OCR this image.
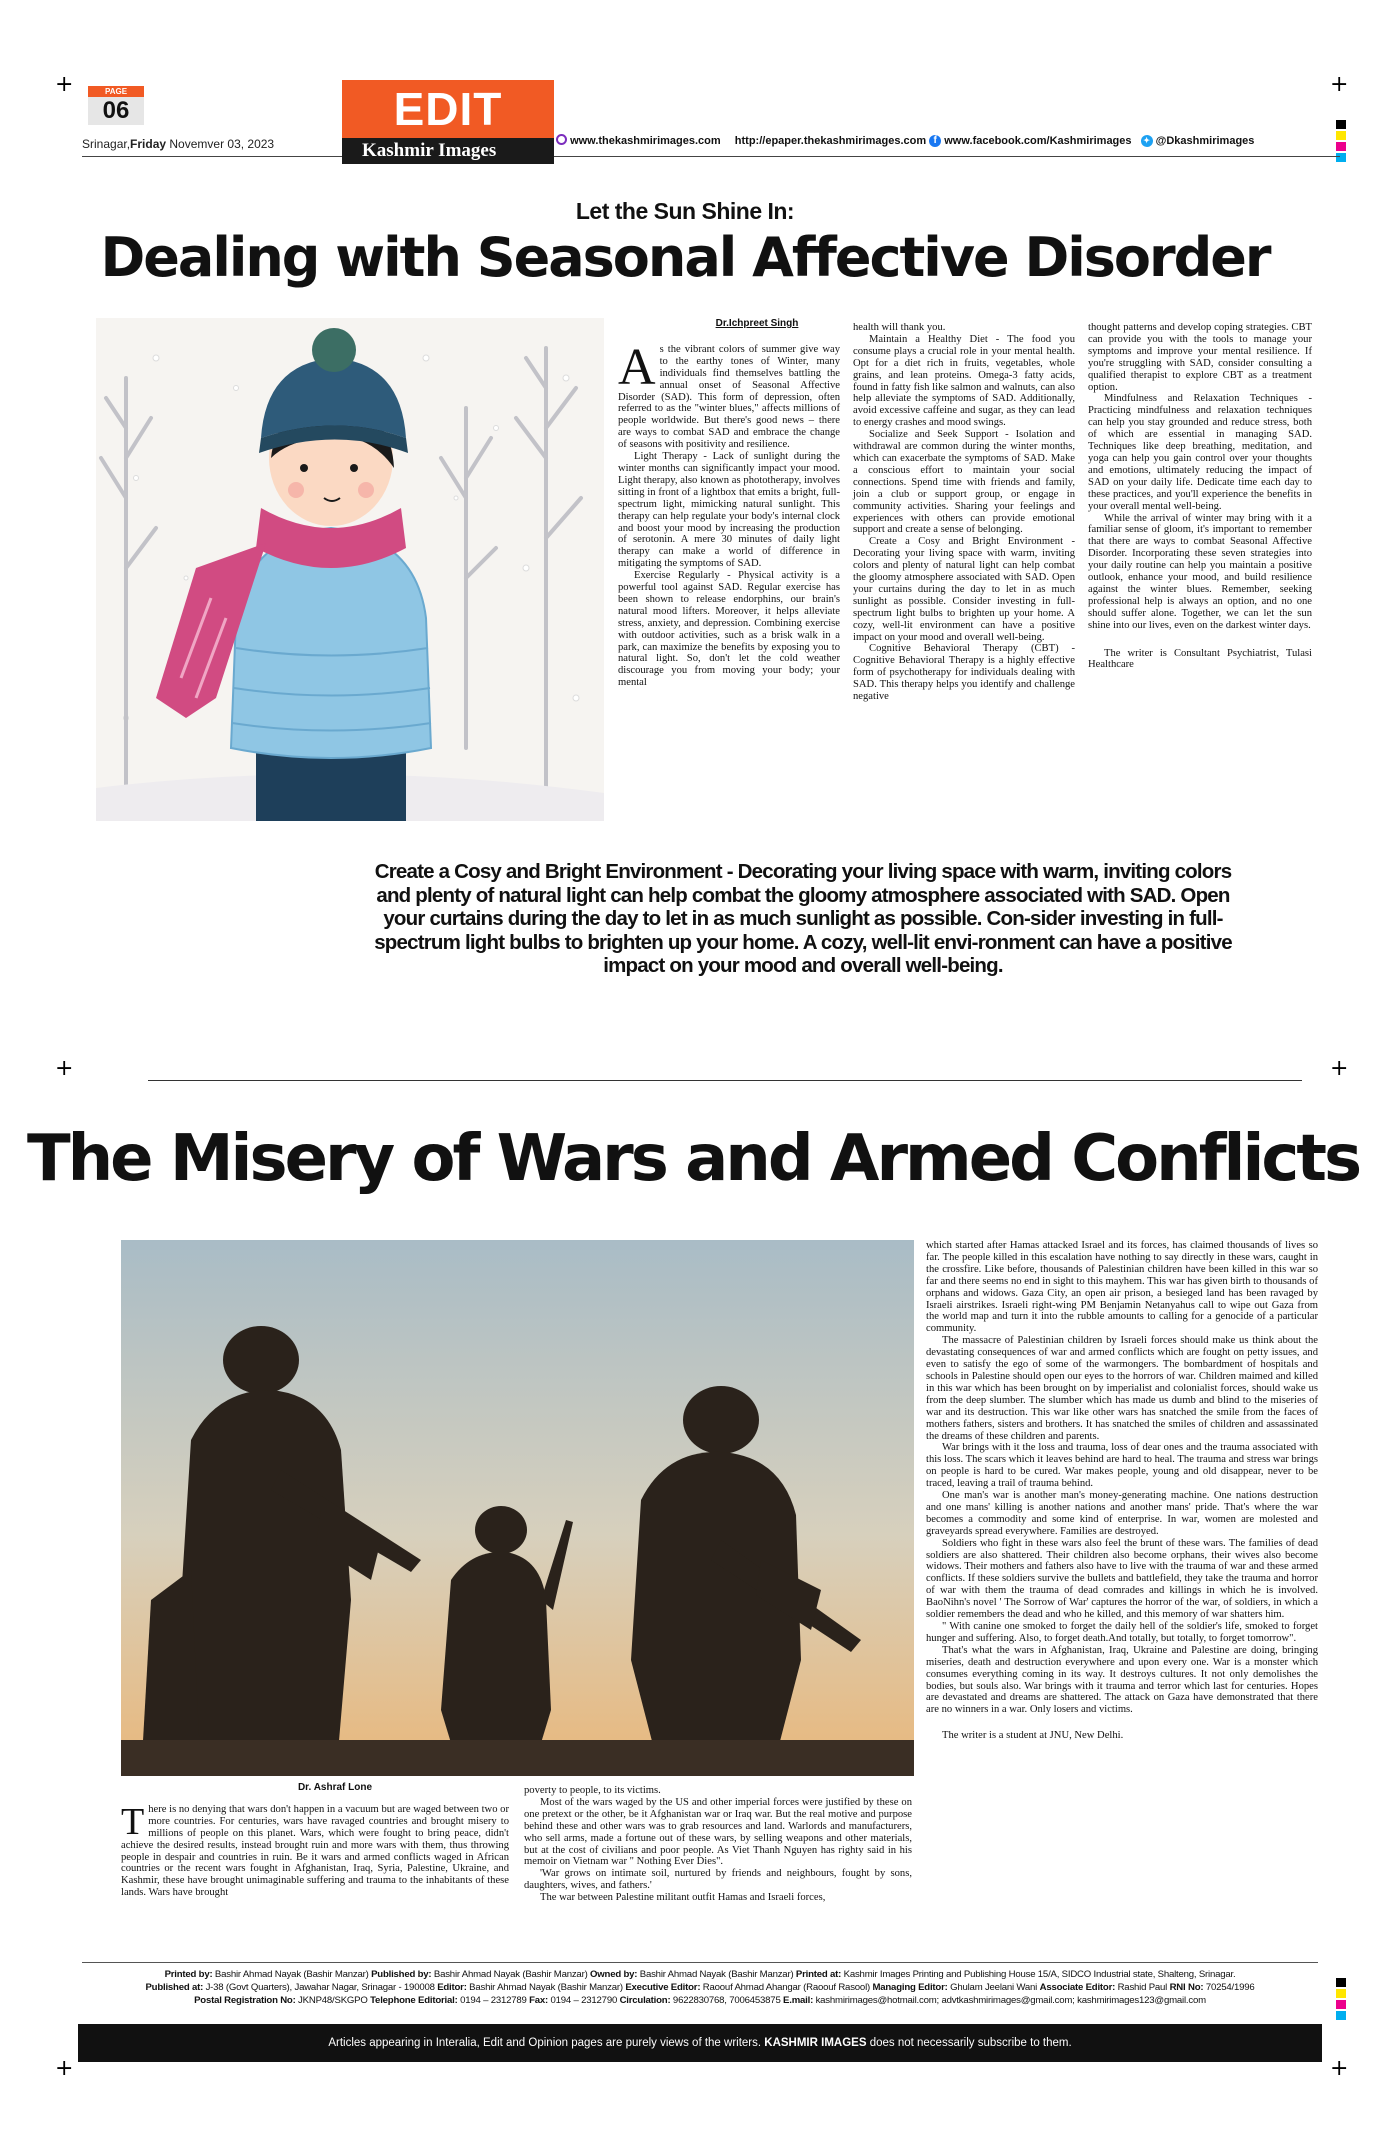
+	+
+	+
+	+
PAGE
06
Srinagar,Friday Novemver 03, 2023
EDIT
Kashmir Images	www.thekashmirimages.com http://epaper.thekashmirimages.com f www.facebook.com/Kashmirimages ✦ @Dkashmirimages
Let the Sun Shine In:
Dealing with Seasonal Affective Disorder
Dr.Ichpreet Singh
A s the vibrant colors of summer give way to the earthy tones of Winter, many individuals find themselves battling the annual onset of Seasonal Affective Disorder (SAD). This form of depression, often referred to as the "winter blues," affects millions of people worldwide. But there's good news – there are ways to combat SAD and embrace the change of seasons with positivity and resilience.

Light Therapy - Lack of sunlight during the winter months can significantly impact your mood. Light therapy, also known as phototherapy, involves sitting in front of a lightbox that emits a bright, full-spectrum light, mimicking natural sunlight. This therapy can help regulate your body's internal clock and boost your mood by increasing the production of serotonin. A mere 30 minutes of daily light therapy can make a world of difference in mitigating the symptoms of SAD.

Exercise Regularly - Physical activity is a powerful tool against SAD. Regular exercise has been shown to release endorphins, our brain's natural mood lifters. Moreover, it helps alleviate stress, anxiety, and depression. Combining exercise with outdoor activities, such as a brisk walk in a park, can maximize the benefits by exposing you to natural light. So, don't let the cold weather discourage you from moving your body; your mental

health will thank you.

Maintain a Healthy Diet - The food you consume plays a crucial role in your mental health. Opt for a diet rich in fruits, vegetables, whole grains, and lean proteins. Omega-3 fatty acids, found in fatty fish like salmon and walnuts, can also help alleviate the symptoms of SAD. Additionally, avoid excessive caffeine and sugar, as they can lead to energy crashes and mood swings.

Socialize and Seek Support - Isolation and withdrawal are common during the winter months, which can exacerbate the symptoms of SAD. Make a conscious effort to maintain your social connections. Spend time with friends and family, join a club or support group, or engage in community activities. Sharing your feelings and experiences with others can provide emotional support and create a sense of belonging.

Create a Cosy and Bright Environment - Decorating your living space with warm, inviting colors and plenty of natural light can help combat the gloomy atmosphere associated with SAD. Open your curtains during the day to let in as much sunlight as possible. Consider investing in full-spectrum light bulbs to brighten up your home. A cozy, well-lit environment can have a positive impact on your mood and overall well-being.

Cognitive Behavioral Therapy (CBT) - Cognitive Behavioral Therapy is a highly effective form of psychotherapy for individuals dealing with SAD. This therapy helps you identify and challenge negative

thought patterns and develop coping strategies. CBT can provide you with the tools to manage your symptoms and improve your mental resilience. If you're struggling with SAD, consider consulting a qualified therapist to explore CBT as a treatment option.

Mindfulness and Relaxation Techniques - Practicing mindfulness and relaxation techniques can help you stay grounded and reduce stress, both of which are essential in managing SAD. Techniques like deep breathing, meditation, and yoga can help you gain control over your thoughts and emotions, ultimately reducing the impact of SAD on your daily life. Dedicate time each day to these practices, and you'll experience the benefits in your overall mental well-being.

While the arrival of winter may bring with it a familiar sense of gloom, it's important to remember that there are ways to combat Seasonal Affective Disorder. Incorporating these seven strategies into your daily routine can help you maintain a positive outlook, enhance your mood, and build resilience against the winter blues. Remember, seeking professional help is always an option, and no one should suffer alone. Together, we can let the sun shine into our lives, even on the darkest winter days.

The writer is Consultant Psychiatrist, Tulasi Healthcare

Create a Cosy and Bright Environment - Decorating your living space with warm, inviting colors and plenty of natural light can help combat the gloomy atmosphere associated with SAD. Open your curtains during the day to let in as much sunlight as possible. Con-sider investing in full-spectrum light bulbs to brighten up your home. A cozy, well-lit envi-ronment can have a positive impact on your mood and overall well-being.
The Misery of Wars and Armed Conflicts
Dr. Ashraf Lone
T here is no denying that wars don't happen in a vacuum but are waged between two or more countries. For centuries, wars have ravaged countries and brought misery to millions of people on this planet. Wars, which were fought to bring peace, didn't achieve the desired results, instead brought ruin and more wars with them, thus throwing people in despair and countries in ruin. Be it wars and armed conflicts waged in African countries or the recent wars fought in Afghanistan, Iraq, Syria, Palestine, Ukraine, and Kashmir, these have brought unimaginable suffering and trauma to the inhabitants of these lands. Wars have brought

poverty to people, to its victims.

Most of the wars waged by the US and other imperial forces were justified by these on one pretext or the other, be it Afghanistan war or Iraq war. But the real motive and purpose behind these and other wars was to grab resources and land. Warlords and manufacturers, who sell arms, made a fortune out of these wars, by selling weapons and other materials, but at the cost of civilians and poor people. As Viet Thanh Nguyen has righty said in his memoir on Vietnam war " Nothing Ever Dies".

'War grows on intimate soil, nurtured by friends and neighbours, fought by sons, daughters, wives, and fathers.'

The war between Palestine militant outfit Hamas and Israeli forces,

which started after Hamas attacked Israel and its forces, has claimed thousands of lives so far. The people killed in this escalation have nothing to say directly in these wars, caught in the crossfire. Like before, thousands of Palestinian children have been killed in this war so far and there seems no end in sight to this mayhem. This war has given birth to thousands of orphans and widows. Gaza City, an open air prison, a besieged land has been ravaged by Israeli airstrikes. Israeli right-wing PM Benjamin Netanyahus call to wipe out Gaza from the world map and turn it into the rubble amounts to calling for a genocide of a particular community.

The massacre of Palestinian children by Israeli forces should make us think about the devastating consequences of war and armed conflicts which are fought on petty issues, and even to satisfy the ego of some of the warmongers. The bombardment of hospitals and schools in Palestine should open our eyes to the horrors of war. Children maimed and killed in this war which has been brought on by imperialist and colonialist forces, should wake us from the deep slumber. The slumber which has made us dumb and blind to the miseries of war and its destruction. This war like other wars has snatched the smile from the faces of mothers fathers, sisters and brothers. It has snatched the smiles of children and assassinated the dreams of these children and parents.

War brings with it the loss and trauma, loss of dear ones and the trauma associated with this loss. The scars which it leaves behind are hard to heal. The trauma and stress war brings on people is hard to be cured. War makes people, young and old disappear, never to be traced, leaving a trail of trauma behind.

One man's war is another man's money-generating machine. One nations destruction and one mans' killing is another nations and another mans' pride. That's where the war becomes a commodity and some kind of enterprise. In war, women are molested and graveyards spread everywhere. Families are destroyed.

Soldiers who fight in these wars also feel the brunt of these wars. The families of dead soldiers are also shattered. Their children also become orphans, their wives also become widows. Their mothers and fathers also have to live with the trauma of war and these armed conflicts. If these soldiers survive the bullets and battlefield, they take the trauma and horror of war with them the trauma of dead comrades and killings in which he is involved. BaoNihn's novel ' The Sorrow of War' captures the horror of the war, of soldiers, in which a soldier remembers the dead and who he killed, and this memory of war shatters him.

" With canine one smoked to forget the daily hell of the soldier's life, smoked to forget hunger and suffering. Also, to forget death.And totally, but totally, to forget tomorrow".

That's what the wars in Afghanistan, Iraq, Ukraine and Palestine are doing, bringing miseries, death and destruction everywhere and upon every one. War is a monster which consumes everything coming in its way. It destroys cultures. It not only demolishes the bodies, but souls also. War brings with it trauma and terror which last for centuries. Hopes are devastated and dreams are shattered. The attack on Gaza have demonstrated that there are no winners in a war. Only losers and victims.

The writer is a student at JNU, New Delhi.

Printed by: Bashir Ahmad Nayak (Bashir Manzar) Published by: Bashir Ahmad Nayak (Bashir Manzar) Owned by: Bashir Ahmad Nayak (Bashir Manzar) Printed at: Kashmir Images Printing and Publishing House 15/A, SIDCO Industrial state, Shalteng, Srinagar.
Published at: J-38 (Govt Quarters), Jawahar Nagar, Srinagar - 190008 Editor: Bashir Ahmad Nayak (Bashir Manzar) Executive Editor: Raoouf Ahmad Ahangar (Raoouf Rasool) Managing Editor: Ghulam Jeelani Wani Associate Editor: Rashid Paul RNI No: 70254/1996
Postal Registration No: JKNP48/SKGPO Telephone Editorial: 0194 – 2312789 Fax: 0194 – 2312790 Circulation: 9622830768, 7006453875 E.mail: kashmirimages@hotmail.com; advtkashmirimages@gmail.com; kashmirimages123@gmail.com
Articles appearing in Interalia, Edit and Opinion pages are purely views of the writers. KASHMIR IMAGES does not necessarily subscribe to them.
